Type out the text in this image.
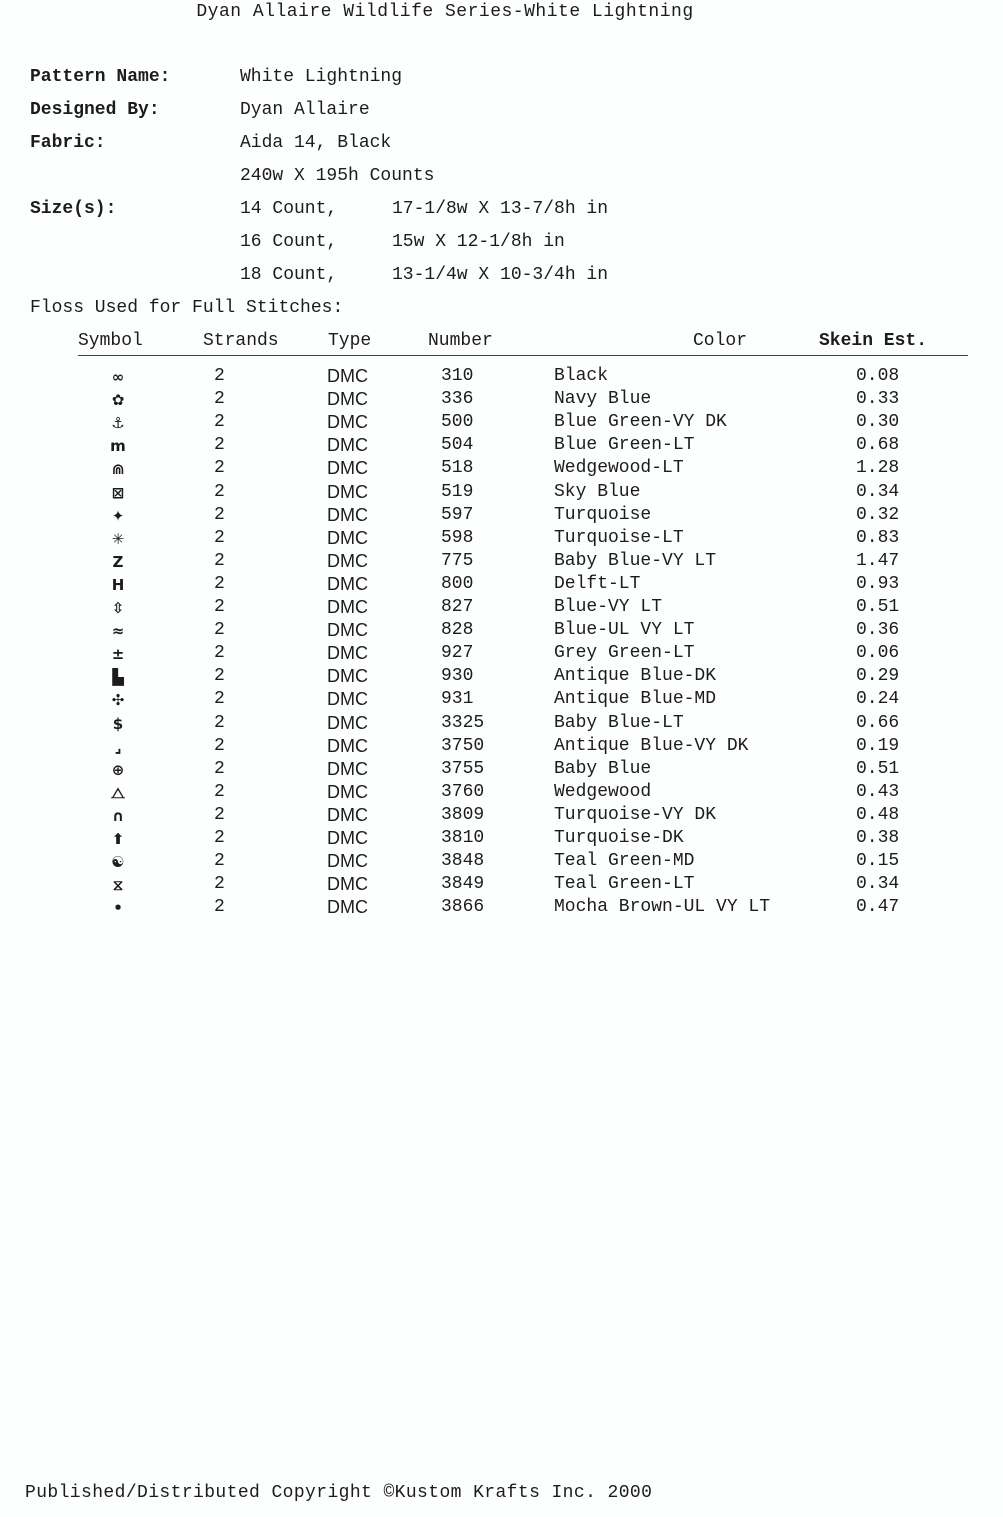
Dyan Allaire Wildlife Series-White Lightning
Pattern Name:	White Lightning
Designed By:	Dyan Allaire
Fabric:	Aida 14, Black
240w X 195h Counts
Size(s):	14 Count,	17-1/8w X 13-7/8h in
16 Count,	15w X 12-1/8h in
18 Count,	13-1/4w X 10-3/4h in
Floss Used for Full Stitches:
Symbol	Strands	Type	Number	Color	Skein Est.
∞	2	DMC	310	Black	0.08
✿	2	DMC	336	Navy Blue	0.33
⚓	2	DMC	500	Blue Green-VY DK	0.30
m	2	DMC	504	Blue Green-LT	0.68
⋒	2	DMC	518	Wedgewood-LT	1.28
⊠	2	DMC	519	Sky Blue	0.34
✦	2	DMC	597	Turquoise	0.32
✳	2	DMC	598	Turquoise-LT	0.83
Z	2	DMC	775	Baby Blue-VY LT	1.47
H	2	DMC	800	Delft-LT	0.93
⇳	2	DMC	827	Blue-VY LT	0.51
≈	2	DMC	828	Blue-UL VY LT	0.36
±	2	DMC	927	Grey Green-LT	0.06
▙	2	DMC	930	Antique Blue-DK	0.29
✣	2	DMC	931	Antique Blue-MD	0.24
$	2	DMC	3325	Baby Blue-LT	0.66
⌟	2	DMC	3750	Antique Blue-VY DK	0.19
⊕	2	DMC	3755	Baby Blue	0.51
⧍	2	DMC	3760	Wedgewood	0.43
∩	2	DMC	3809	Turquoise-VY DK	0.48
⬆	2	DMC	3810	Turquoise-DK	0.38
☯	2	DMC	3848	Teal Green-MD	0.15
⧖	2	DMC	3849	Teal Green-LT	0.34
•	2	DMC	3866	Mocha Brown-UL VY LT	0.47
Published/Distributed Copyright ©Kustom Krafts Inc. 2000
